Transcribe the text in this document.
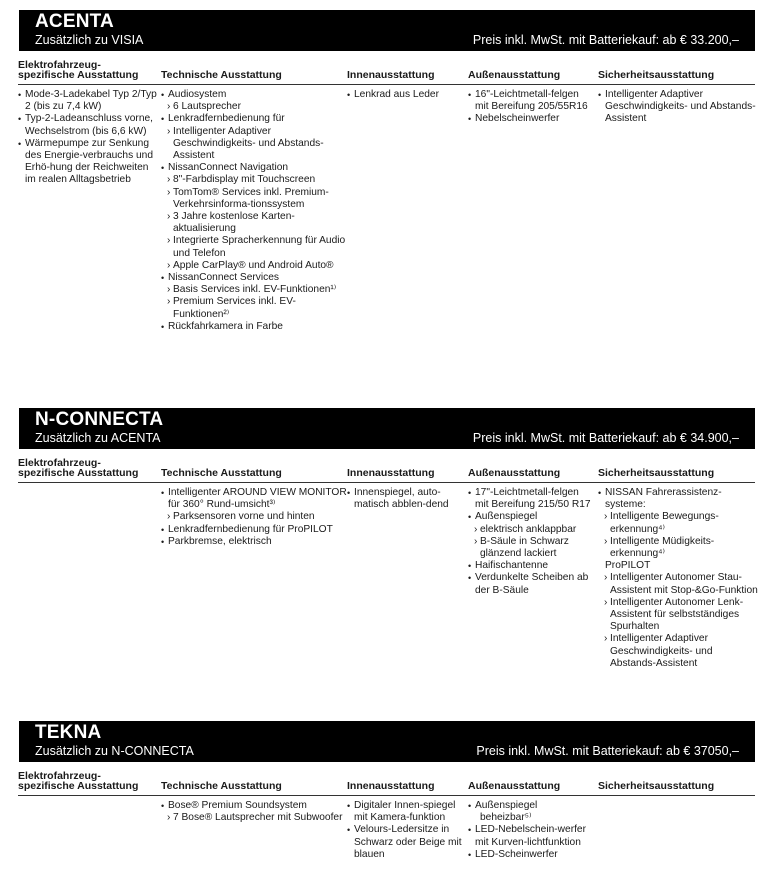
ACENTA
Zusätzlich zu VISIA	Preis inkl. MwSt. mit Batteriekauf: ab € 33.200,–
Elektrofahrzeug-
spezifische Ausstattung Technische Ausstattung	Innenausstattung	Außenausstattung	Sicherheitsausstattung
• Mode-3-Ladekabel Typ 2/Typ 2 (bis zu 7,4 kW)
• Typ-2-Ladeanschluss vorne, Wechselstrom (bis 6,6 kW)
• Wärmepumpe zur Senkung des Energie-verbrauchs und Erhö-hung der Reichweiten im realen Alltagsbetrieb
• Audiosystem
› 6 Lautsprecher
• Lenkradfernbedienung für
› Intelligenter Adaptiver Geschwindigkeits- und Abstands-Assistent
• NissanConnect Navigation
› 8"-Farbdisplay mit Touchscreen
› TomTom® Services inkl. Premium-Verkehrsinforma-tionssystem
› 3 Jahre kostenlose Karten-aktualisierung
› Integrierte Spracherkennung für Audio und Telefon
› Apple CarPlay® und Android Auto®
• NissanConnect Services
› Basis Services inkl. EV-Funktionen¹⁾
› Premium Services inkl. EV-Funktionen²⁾
• Rückfahrkamera in Farbe
• Lenkrad aus Leder
•	16"-Leichtmetall-felgen mit Bereifung 205/55R16
• Nebelscheinwerfer
• Intelligenter Adaptiver Geschwindigkeits- und Abstands-Assistent
N-CONNECTA
Zusätzlich zu ACENTA	Preis inkl. MwSt. mit Batteriekauf: ab € 34.900,–
Elektrofahrzeug-
spezifische Ausstattung Technische Ausstattung	Innenausstattung	Außenausstattung	Sicherheitsausstattung
• Intelligenter AROUND VIEW MONITOR für 360° Rund-umsicht³⁾
› Parksensoren vorne und hinten
• Lenkradfernbedienung für ProPILOT
• Parkbremse, elektrisch
• Innenspiegel, auto-matisch abblen-dend
• 17"-Leichtmetall-felgen mit Bereifung 215/50 R17
• Außenspiegel
› elektrisch anklappbar
› B-Säule in Schwarz glänzend lackiert
• Haifischantenne
• Verdunkelte Scheiben ab der B-Säule
• NISSAN Fahrerassistenz-systeme:
› Intelligente Bewegungs-erkennung⁴⁾
› Intelligente Müdigkeits-erkennung⁴⁾
ProPILOT
› Intelligenter Autonomer Stau-Assistent mit Stop-&Go-Funktion
› Intelligenter Autonomer Lenk-Assistent für selbstständiges Spurhalten
› Intelligenter Adaptiver Geschwindigkeits- und Abstands-Assistent
TEKNA
Zusätzlich zu N-CONNECTA	Preis inkl. MwSt. mit Batteriekauf: ab € 37050,–
Elektrofahrzeug-
spezifische Ausstattung Technische Ausstattung	Innenausstattung	Außenausstattung	Sicherheitsausstattung
• Bose® Premium Soundsystem
› 7 Bose® Lautsprecher mit Subwoofer
• Digitaler Innen-spiegel mit Kamera-funktion
• Velours-Ledersitze in Schwarz oder Beige mit blauen
• Außenspiegel
beheizbar⁵⁾
• LED-Nebelschein-werfer mit Kurven-lichtfunktion
• LED-Scheinwerfer
